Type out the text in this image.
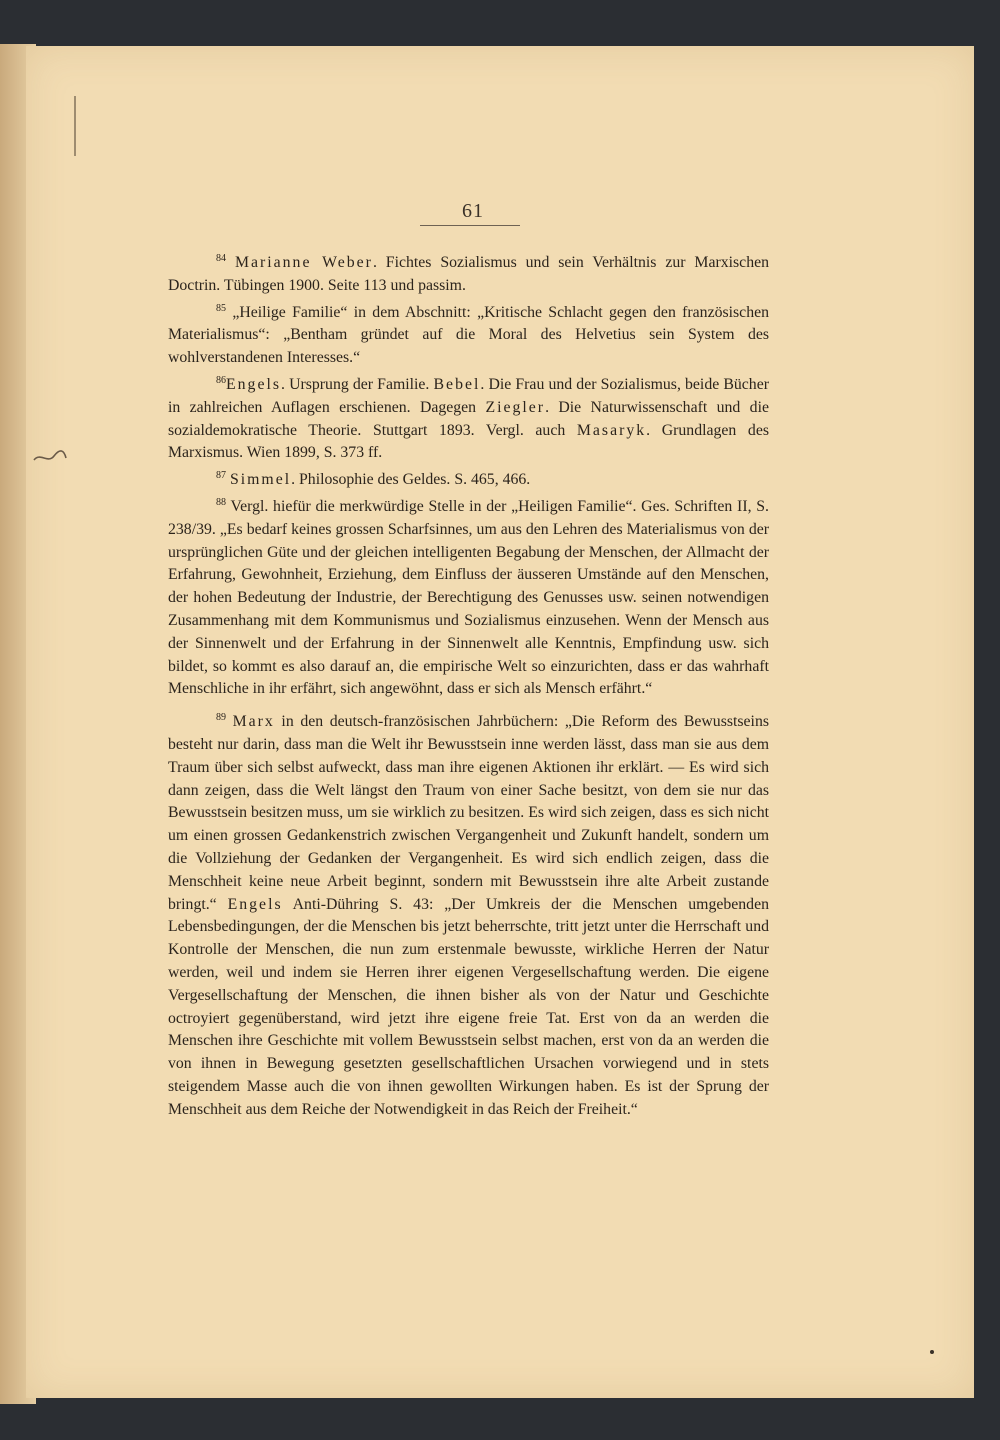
61

$^{84}$ Marianne Weber. Fichtes Sozialismus und sein Verhältnis zur Marxischen Doctrin. Tübingen 1900. Seite 113 und passim.

$^{85}$ „Heilige Familie“ in dem Abschnitt: „Kritische Schlacht gegen den französischen Materialismus“: „Bentham gründet auf die Moral des Helvetius sein System des wohlverstandenen Interesses.“

$^{86}$Engels. Ursprung der Familie. Bebel. Die Frau und der Sozialismus, beide Bücher in zahlreichen Auflagen erschienen. Dagegen Ziegler. Die Naturwissenschaft und die sozialdemokratische Theorie. Stuttgart 1893. Vergl. auch Masaryk. Grundlagen des Marxismus. Wien 1899, S. 373 ff.

$^{87}$ Simmel. Philosophie des Geldes. S. 465, 466.

$^{88}$ Vergl. hiefür die merkwürdige Stelle in der „Heiligen Familie“. Ges. Schriften II, S. 238/39. „Es bedarf keines grossen Scharfsinnes, um aus den Lehren des Materialismus von der ursprünglichen Güte und der gleichen intelligenten Begabung der Menschen, der Allmacht der Erfahrung, Gewohnheit, Erziehung, dem Einfluss der äusseren Umstände auf den Menschen, der hohen Bedeutung der Industrie, der Berechtigung des Genusses usw. seinen notwendigen Zusammenhang mit dem Kommunismus und Sozialismus einzusehen. Wenn der Mensch aus der Sinnenwelt und der Erfahrung in der Sinnenwelt alle Kenntnis, Empfindung usw. sich bildet, so kommt es also darauf an, die empirische Welt so einzurichten, dass er das wahrhaft Menschliche in ihr erfährt, sich angewöhnt, dass er sich als Mensch erfährt.“

$^{89}$ Marx in den deutsch-französischen Jahrbüchern: „Die Reform des Bewusstseins besteht nur darin, dass man die Welt ihr Bewusstsein inne werden lässt, dass man sie aus dem Traum über sich selbst aufweckt, dass man ihre eigenen Aktionen ihr erklärt. — Es wird sich dann zeigen, dass die Welt längst den Traum von einer Sache besitzt, von dem sie nur das Bewusstsein besitzen muss, um sie wirklich zu besitzen. Es wird sich zeigen, dass es sich nicht um einen grossen Gedankenstrich zwischen Vergangenheit und Zukunft handelt, sondern um die Vollziehung der Gedanken der Vergangenheit. Es wird sich endlich zeigen, dass die Menschheit keine neue Arbeit beginnt, sondern mit Bewusstsein ihre alte Arbeit zustande bringt.“ Engels Anti-Dühring S. 43: „Der Umkreis der die Menschen umgebenden Lebensbedingungen, der die Menschen bis jetzt beherrschte, tritt jetzt unter die Herrschaft und Kontrolle der Menschen, die nun zum erstenmale bewusste, wirkliche Herren der Natur werden, weil und indem sie Herren ihrer eigenen Vergesellschaftung werden. Die eigene Vergesellschaftung der Menschen, die ihnen bisher als von der Natur und Geschichte octroyiert gegenüberstand, wird jetzt ihre eigene freie Tat. Erst von da an werden die Menschen ihre Geschichte mit vollem Bewusstsein selbst machen, erst von da an werden die von ihnen in Bewegung gesetzten gesellschaftlichen Ursachen vorwiegend und in stets steigendem Masse auch die von ihnen gewollten Wirkungen haben. Es ist der Sprung der Menschheit aus dem Reiche der Notwendigkeit in das Reich der Freiheit.“
